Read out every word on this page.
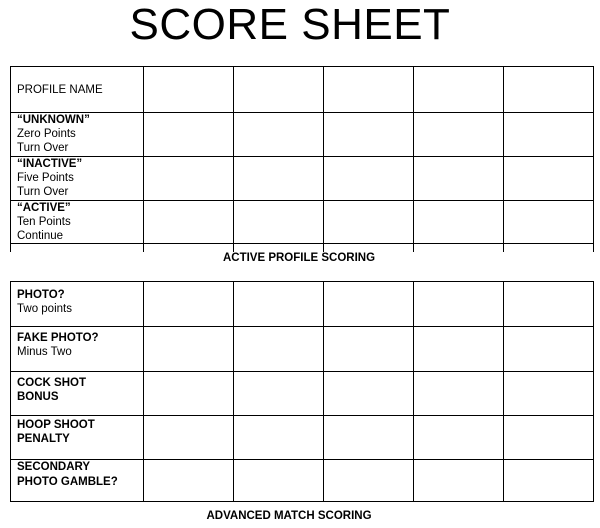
SCORE SHEET
PROFILE NAME					

“UNKNOWN”
Zero Points
Turn Over					

“INACTIVE”
Five Points
Turn Over					

“ACTIVE”
Ten Points
Continue					

ACTIVE PROFILE SCORING
PHOTO?
Two points					

FAKE PHOTO?
Minus Two					

COCK SHOT BONUS					

HOOP SHOOT PENALTY					

SECONDARY PHOTO GAMBLE?					

ADVANCED MATCH SCORING
